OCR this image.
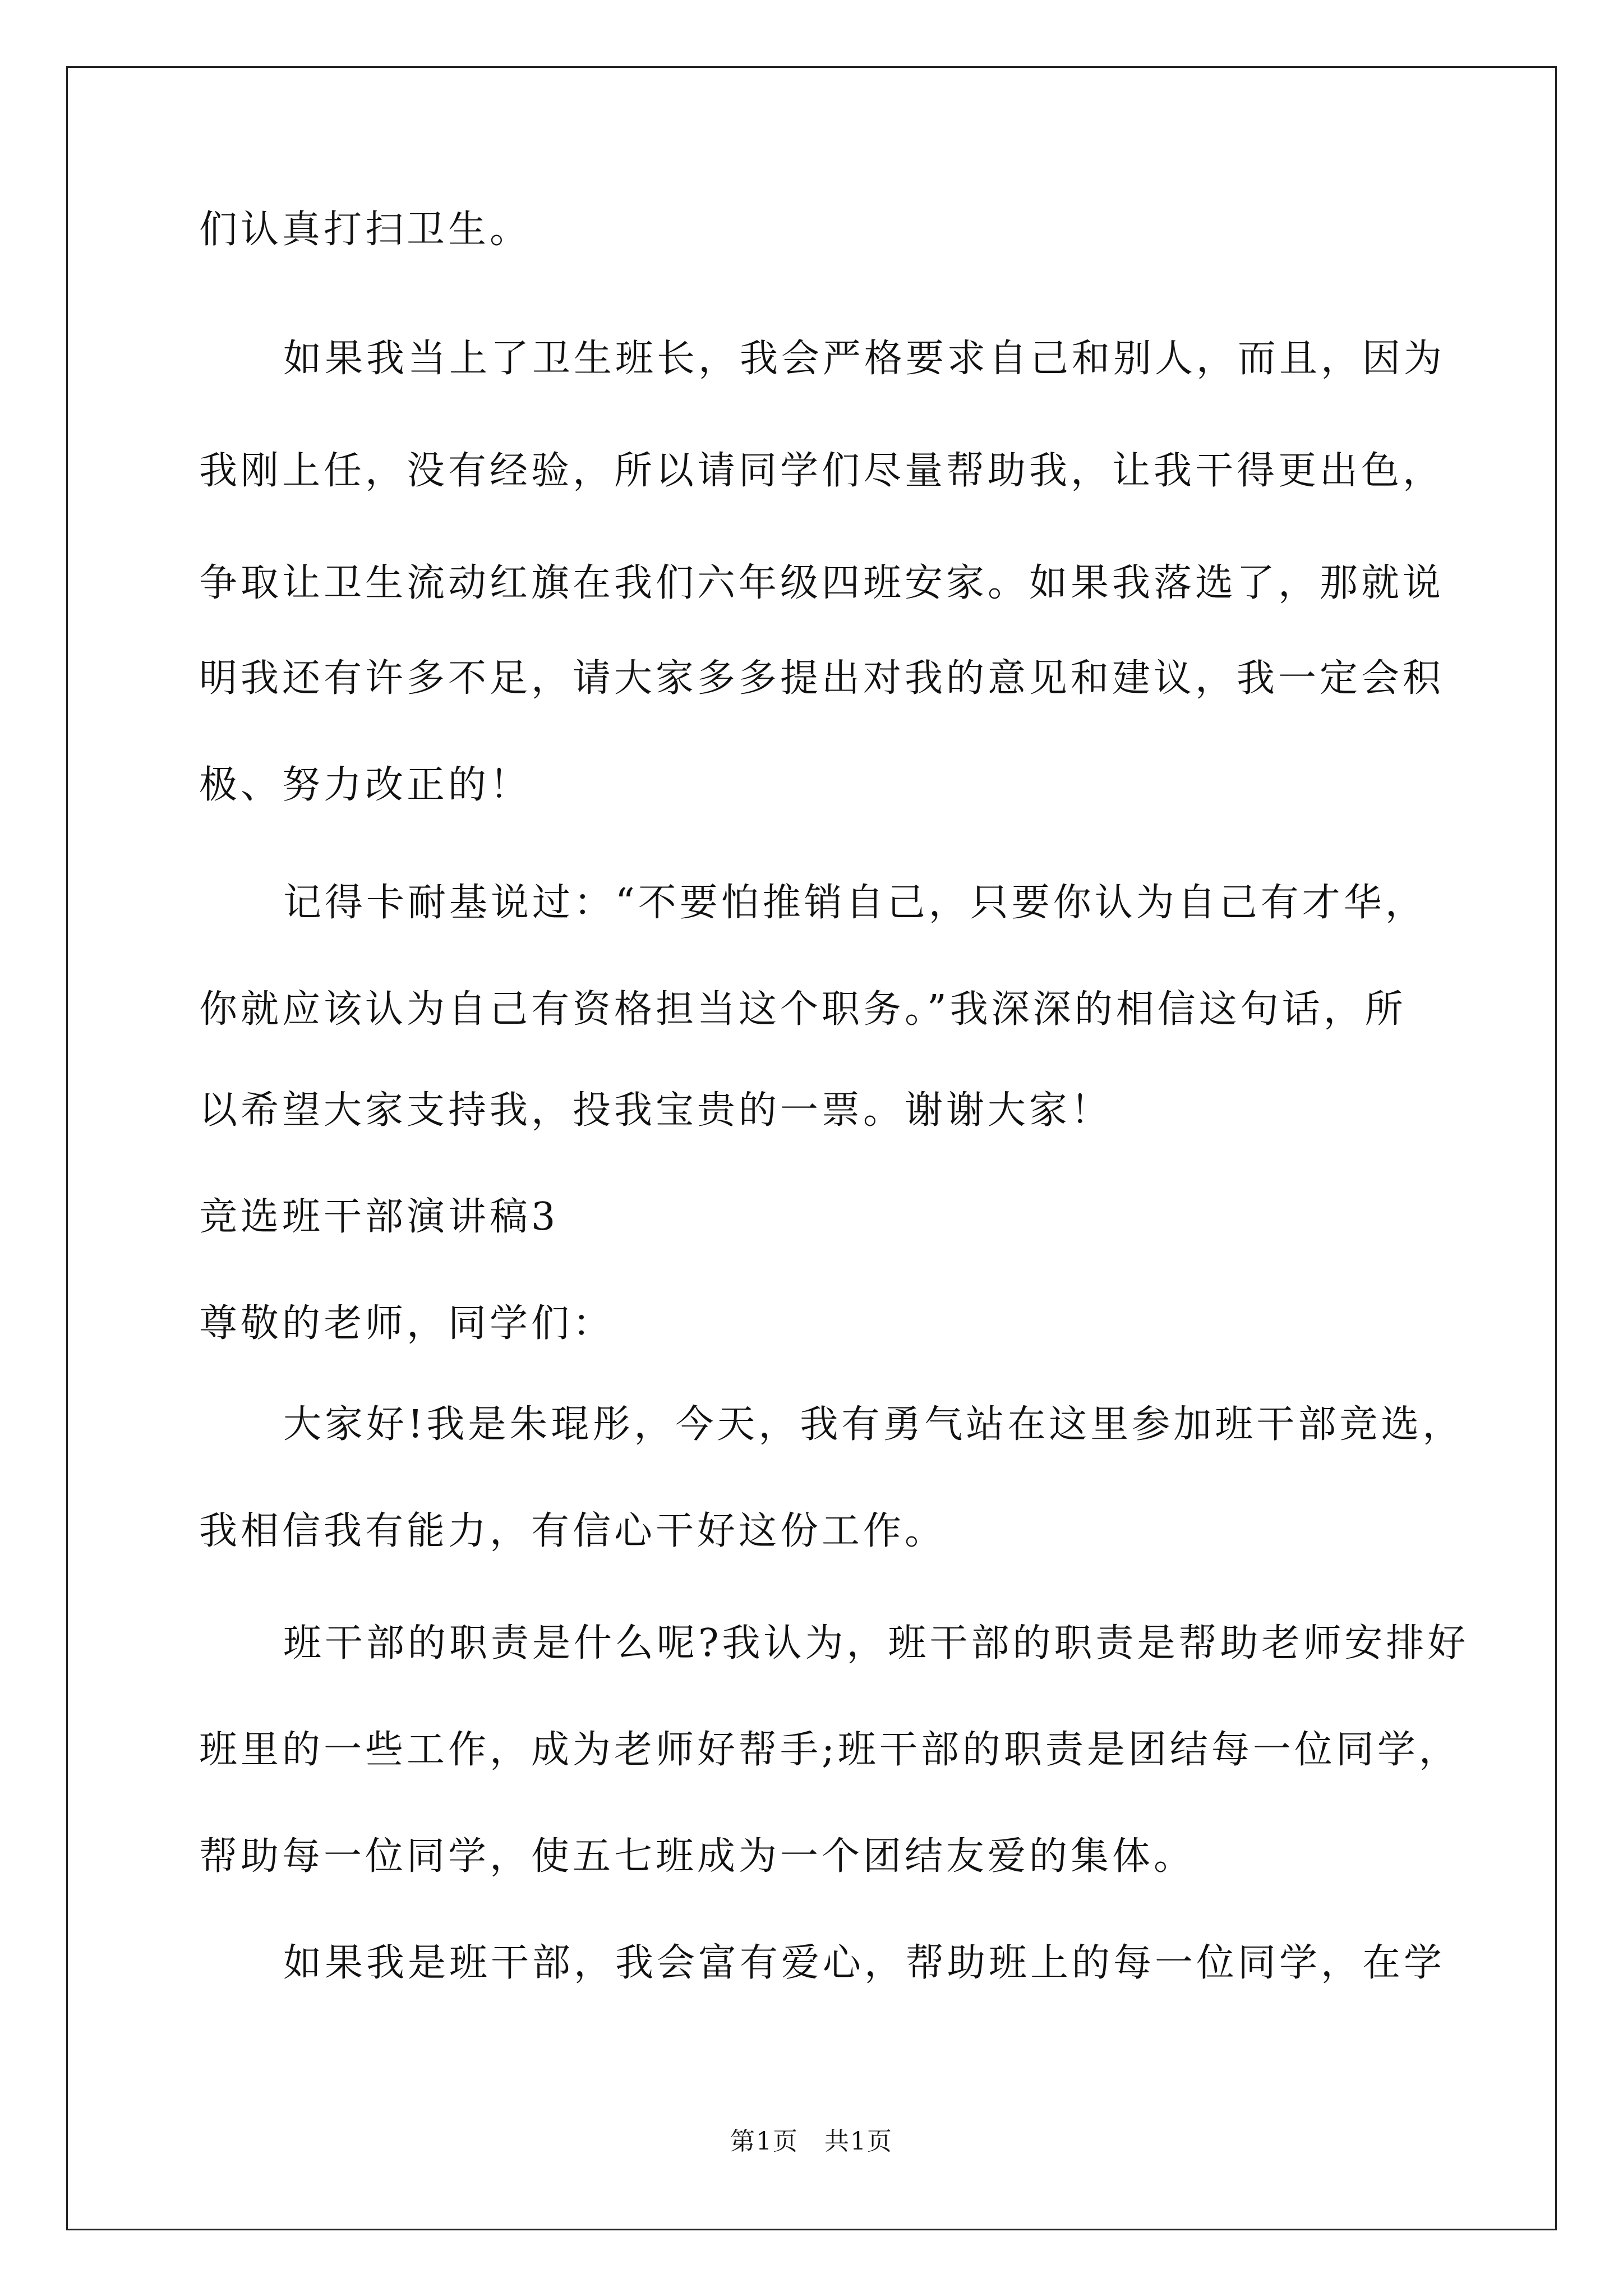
们认真打扫卫生。
如果我当上了卫生班长，我会严格要求自己和别人，而且，因为
我刚上任，没有经验，所以请同学们尽量帮助我，让我干得更出色，
争取让卫生流动红旗在我们六年级四班安家。如果我落选了，那就说
明我还有许多不足，请大家多多提出对我的意见和建议，我一定会积
极、努力改正的！
记得卡耐基说过：“不要怕推销自己，只要你认为自己有才华，
你就应该认为自己有资格担当这个职务。”我深深的相信这句话，所
以希望大家支持我，投我宝贵的一票。谢谢大家！
竞选班干部演讲稿3
尊敬的老师，同学们：
大家好!我是朱琨彤，今天，我有勇气站在这里参加班干部竞选，
我相信我有能力，有信心干好这份工作。
班干部的职责是什么呢?我认为，班干部的职责是帮助老师安排好
班里的一些工作，成为老师好帮手;班干部的职责是团结每一位同学，
帮助每一位同学，使五七班成为一个团结友爱的集体。
如果我是班干部，我会富有爱心，帮助班上的每一位同学，在学
第1页　共1页
